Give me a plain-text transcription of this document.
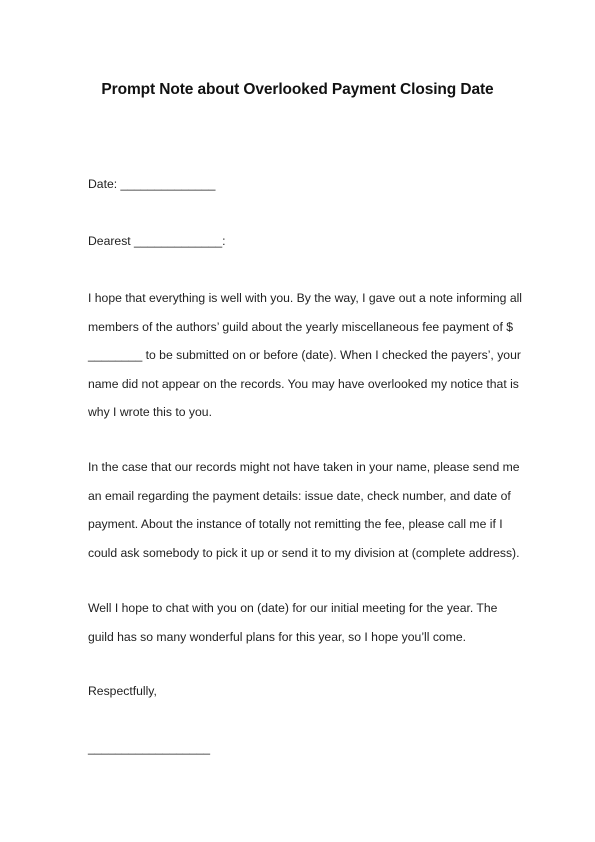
Prompt Note about Overlooked Payment Closing Date

Date: ______________

Dearest _____________:

I hope that everything is well with you. By the way, I gave out a note informing all
members of the authors’ guild about the yearly miscellaneous fee payment of $
________ to be submitted on or before (date). When I checked the payers’, your
name did not appear on the records. You may have overlooked my notice that is
why I wrote this to you.
In the case that our records might not have taken in your name, please send me
an email regarding the payment details: issue date, check number, and date of
payment. About the instance of totally not remitting the fee, please call me if I
could ask somebody to pick it up or send it to my division at (complete address).
Well I hope to chat with you on (date) for our initial meeting for the year. The
guild has so many wonderful plans for this year, so I hope you’ll come.

Respectfully,

__________________
